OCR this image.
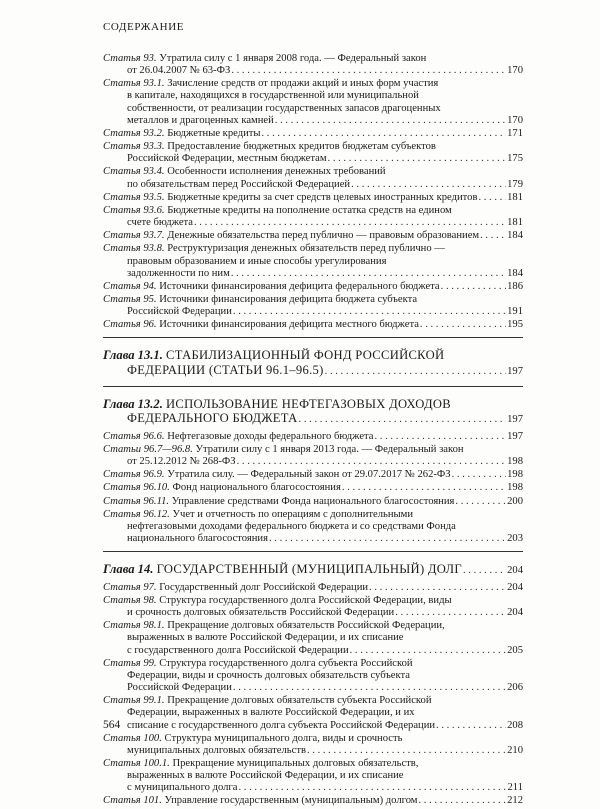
СОДЕРЖАНИЕ
Статья 93. Утратила силу с 1 января 2008 года. — Федеральный закон
от 26.04.2007 № 63-ФЗ . . .	170
Статья 93.1. Зачисление средств от продажи акций и иных форм участия
в капитале, находящихся в государственной или муниципальной
собственности, от реализации государственных запасов драгоценных
металлов и драгоценных камней . . .	170
Статья 93.2. Бюджетные кредиты . . .	171
Статья 93.3. Предоставление бюджетных кредитов бюджетам субъектов
Российской Федерации, местным бюджетам . . .	175
Статья 93.4. Особенности исполнения денежных требований
по обязательствам перед Российской Федерацией . . .	179
Статья 93.5. Бюджетные кредиты за счет средств целевых иностранных кредитов . . .	181
Статья 93.6. Бюджетные кредиты на пополнение остатка средств на едином
счете бюджета . . .	181
Статья 93.7. Денежные обязательства перед публично — правовым образованием . . .	184
Статья 93.8. Реструктуризация денежных обязательств перед публично —
правовым образованием и иные способы урегулирования
задолженности по ним . . .	184
Статья 94. Источники финансирования дефицита федерального бюджета . . .	186
Статья 95. Источники финансирования дефицита бюджета субъекта
Российской Федерации . . .	191
Статья 96. Источники финансирования дефицита местного бюджета . . .	195
Глава 13.1. СТАБИЛИЗАЦИОННЫЙ ФОНД РОССИЙСКОЙ
ФЕДЕРАЦИИ (СТАТЬИ 96.1–96.5) . . .	197
Глава 13.2. ИСПОЛЬЗОВАНИЕ НЕФТЕГАЗОВЫХ ДОХОДОВ
ФЕДЕРАЛЬНОГО БЮДЖЕТА . . .	197
Статья 96.6. Нефтегазовые доходы федерального бюджета . . .	197
Статьи 96.7—96.8. Утратили силу с 1 января 2013 года. — Федеральный закон
от 25.12.2012 № 268-ФЗ . . .	198
Статья 96.9. Утратила силу. — Федеральный закон от 29.07.2017 № 262-ФЗ . . .	198
Статья 96.10. Фонд национального благосостояния . . .	198
Статья 96.11. Управление средствами Фонда национального благосостояния . . .	200
Статья 96.12. Учет и отчетность по операциям с дополнительными
нефтегазовыми доходами федерального бюджета и со средствами Фонда
национального благосостояния . . .	203
Глава 14. ГОСУДАРСТВЕННЫЙ (МУНИЦИПАЛЬНЫЙ) ДОЛГ . . .	204
Статья 97. Государственный долг Российской Федерации . . .	204
Статья 98. Структура государственного долга Российской Федерации, виды
и срочность долговых обязательств Российской Федерации . . .	204
Статья 98.1. Прекращение долговых обязательств Российской Федерации,
выраженных в валюте Российской Федерации, и их списание
с государственного долга Российской Федерации . . .	205
Статья 99. Структура государственного долга субъекта Российской
Федерации, виды и срочность долговых обязательств субъекта
Российской Федерации . . .	206
Статья 99.1. Прекращение долговых обязательств субъекта Российской
Федерации, выраженных в валюте Российской Федерации, и их
списание с государственного долга субъекта Российской Федерации . . .	208
Статья 100. Структура муниципального долга, виды и срочность
муниципальных долговых обязательств . . .	210
Статья 100.1. Прекращение муниципальных долговых обязательств,
выраженных в валюте Российской Федерации, и их списание
с муниципального долга . . .	211
Статья 101. Управление государственным (муниципальным) долгом . . .	212
564
